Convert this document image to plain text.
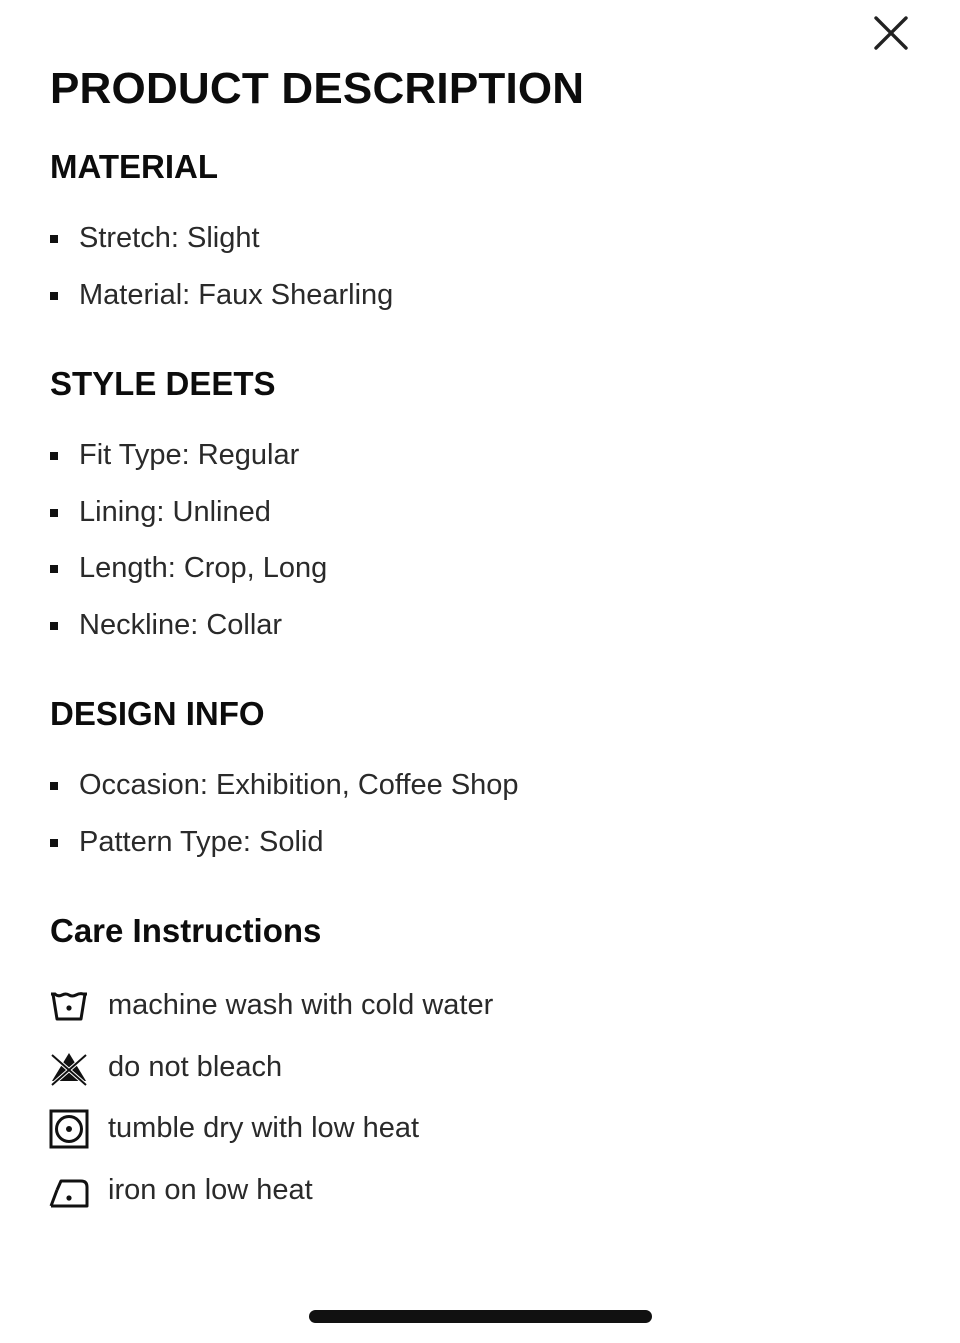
PRODUCT DESCRIPTION
MATERIAL
Stretch: Slight
Material: Faux Shearling
STYLE DEETS
Fit Type: Regular
Lining: Unlined
Length: Crop, Long
Neckline: Collar
DESIGN INFO
Occasion: Exhibition, Coffee Shop
Pattern Type: Solid
Care Instructions
machine wash with cold water
do not bleach
tumble dry with low heat
iron on low heat
